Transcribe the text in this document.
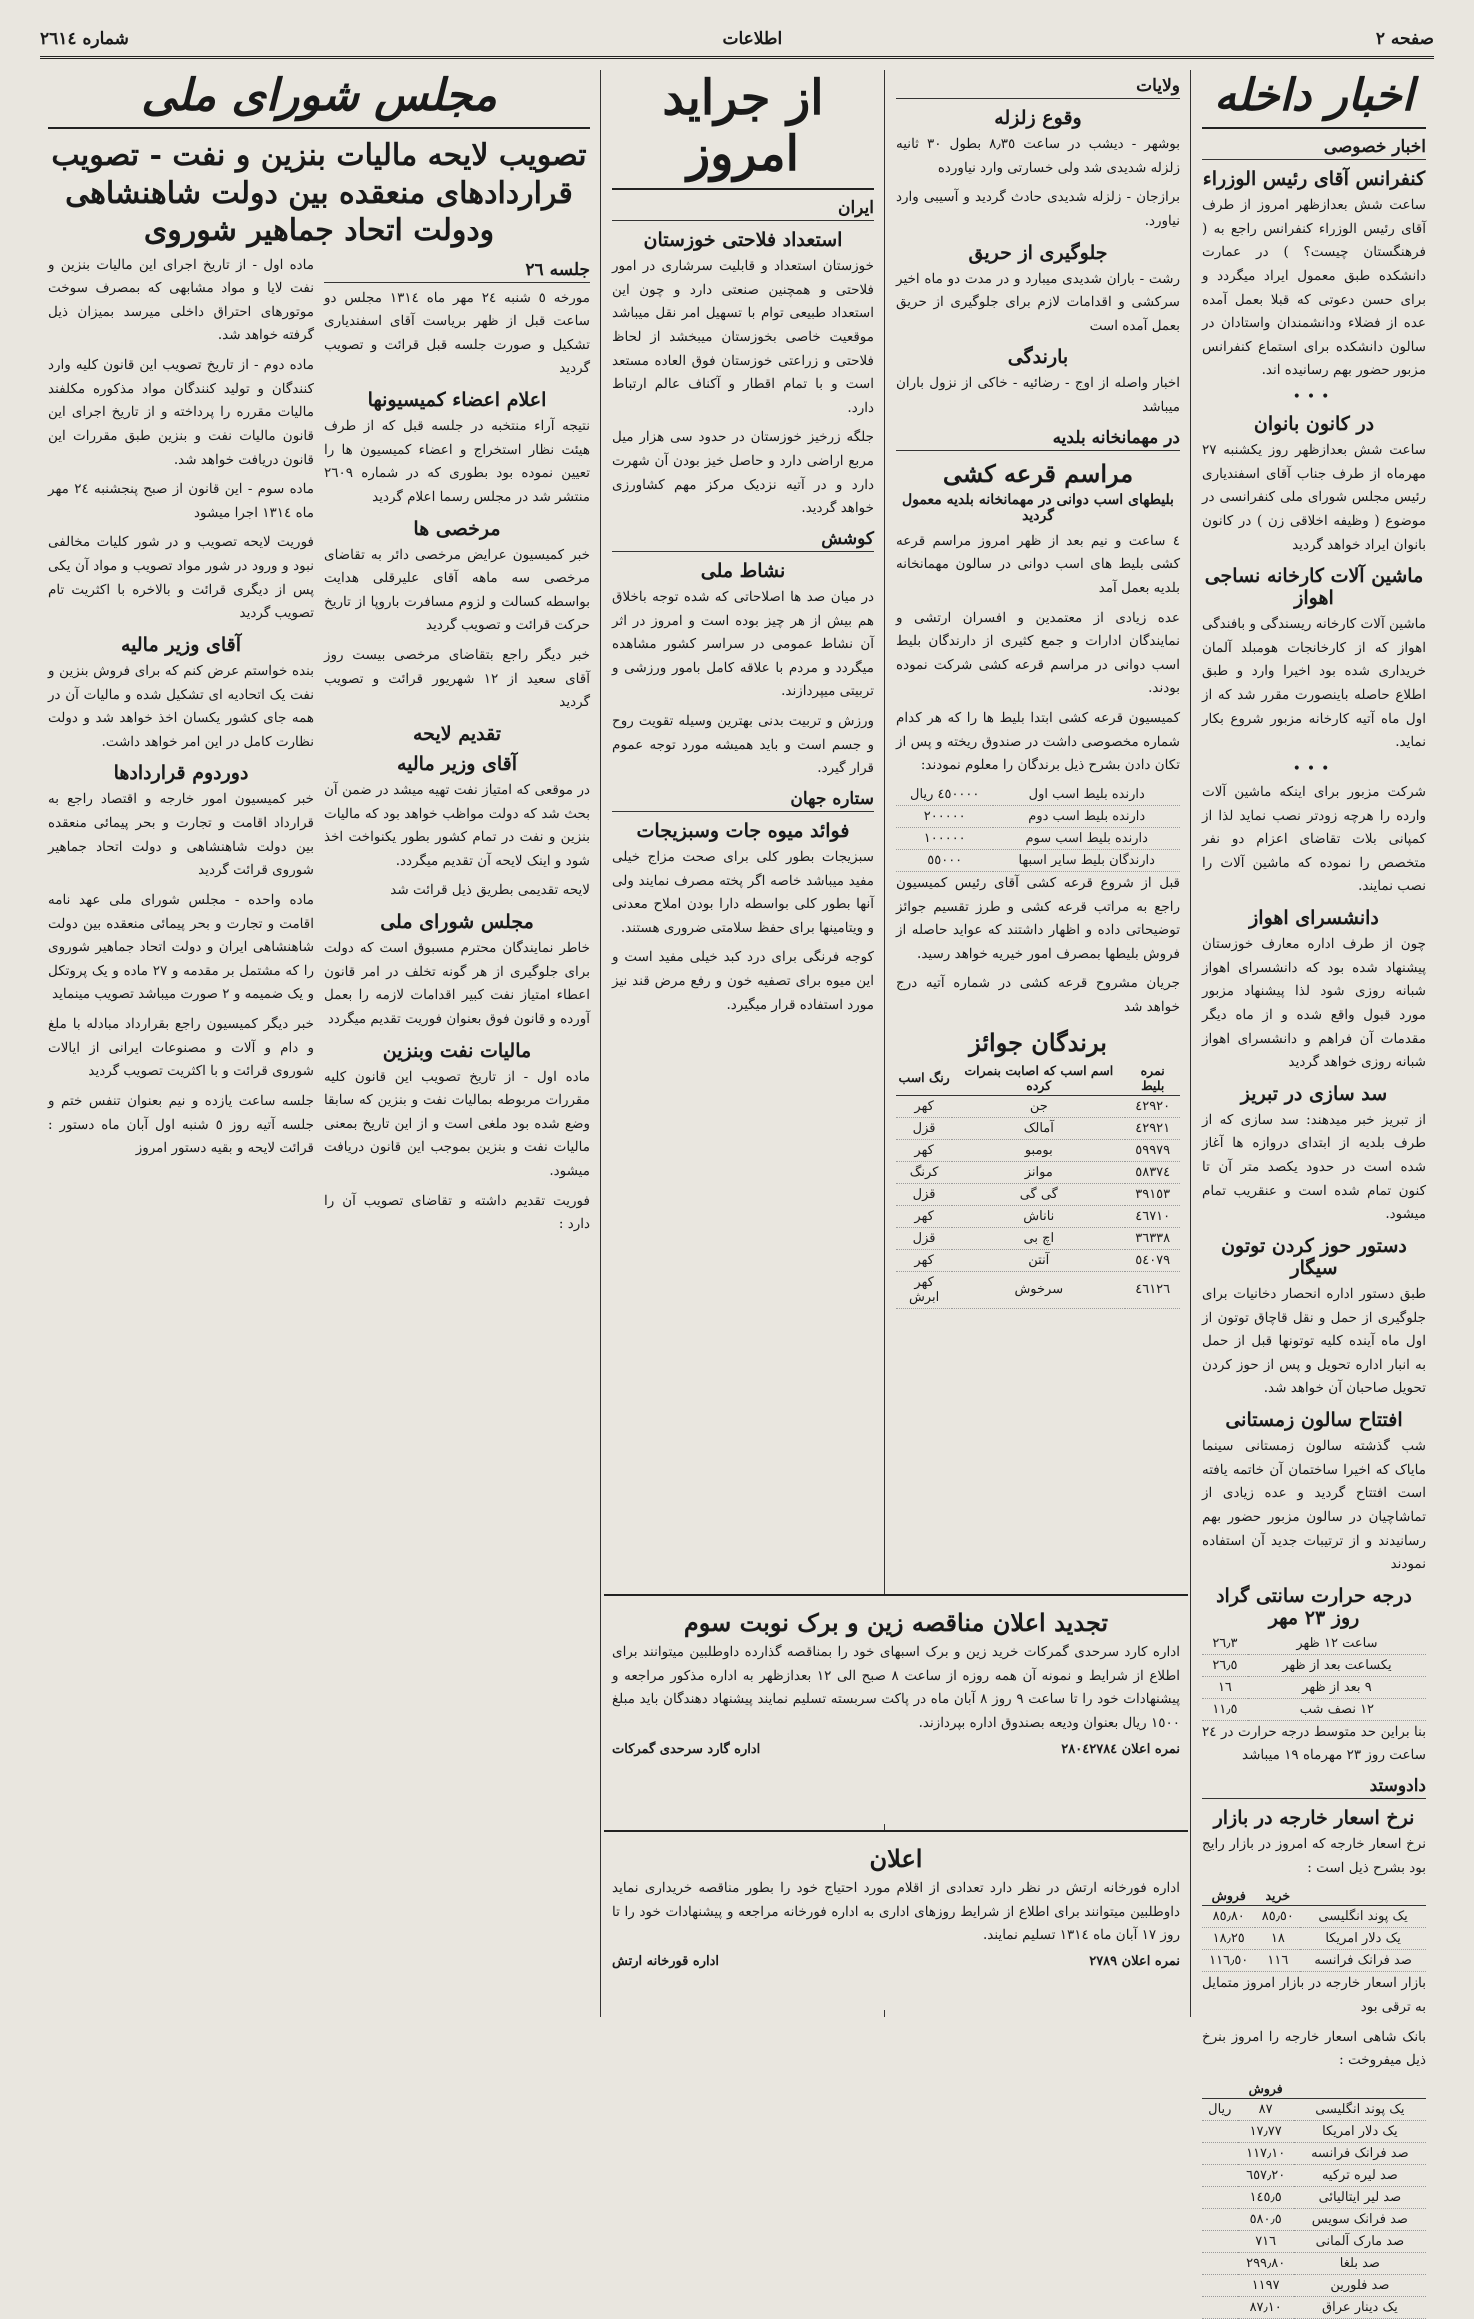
صفحه ٢
اطلاعات
شماره ٢٦١٤
اخبار داخله
اخبار خصوصی
کنفرانس آقای رئیس الوزراء

ساعت شش بعدازظهر امروز از طرف آقای رئیس الوزراء کنفرانس راجع به ( فرهنگستان چیست؟ ) در عمارت دانشکده طبق معمول ایراد میگردد و برای حسن دعوتی که قبلا بعمل آمده عده از فضلاء ودانشمندان واستادان در سالون دانشکده برای استماع کنفرانس مزبور حضور بهم رسانیده اند.

•••
در کانون بانوان

ساعت شش بعدازظهر روز یکشنبه ٢٧ مهرماه از طرف جناب آقای اسفندیاری رئیس مجلس شورای ملی کنفرانسی در موضوع ( وظیفه اخلاقی زن ) در کانون بانوان ایراد خواهد گردید

ماشین آلات کارخانه نساجی اهواز

ماشین آلات کارخانه ریسندگی و بافندگی اهواز که از کارخانجات هومبلد آلمان خریداری شده بود اخیرا وارد و طبق اطلاع حاصله باینصورت مقرر شد که از اول ماه آتیه کارخانه مزبور شروع بکار نماید.

•••

شرکت مزبور برای اینکه ماشین آلات وارده را هرچه زودتر نصب نماید لذا از کمپانی بلات تقاضای اعزام دو نفر متخصص را نموده که ماشین آلات را نصب نمایند.

دانشسرای اهواز

چون از طرف اداره معارف خوزستان پیشنهاد شده بود که دانشسرای اهواز شبانه روزی شود لذا پیشنهاد مزبور مورد قبول واقع شده و از ماه دیگر مقدمات آن فراهم و دانشسرای اهواز شبانه روزی خواهد گردید

سد سازی در تبریز

از تبریز خبر میدهند: سد سازی که از طرف بلدیه از ابتدای دروازه ها آغاز شده است در حدود یکصد متر آن تا کنون تمام شده است و عنقریب تمام میشود.

دستور حوز کردن توتون سیگار

طبق دستور اداره انحصار دخانیات برای جلوگیری از حمل و نقل قاچاق توتون از اول ماه آینده کلیه توتونها قبل از حمل به انبار اداره تحویل و پس از حوز کردن تحویل صاحبان آن خواهد شد.

افتتاح سالون زمستانی

شب گذشته سالون زمستانی سینما مایاک که اخیرا ساختمان آن خاتمه یافته است افتتاح گردید و عده زیادی از تماشاچیان در سالون مزبور حضور بهم رسانیدند و از ترتیبات جدید آن استفاده نمودند

درجه حرارت سانتی گراد روز ٢٣ مهر
ساعت ١٢ ظهر	٢٦٫٣
یکساعت بعد از ظهر	٢٦٫٥
٩ بعد از ظهر	١٦
١٢ نصف شب	١١٫٥

بنا براین حد متوسط درجه حرارت در ٢٤ ساعت روز ٢٣ مهرماه ١٩ میباشد

دادوستد
نرخ اسعار خارجه در بازار

نرخ اسعار خارجه که امروز در بازار رایج بود بشرح ذیل است :

	خرید	فروش
یک پوند انگلیسی	٨٥٫٥٠	٨٥٫٨٠
یک دلار امریکا	١٨	١٨٫٢٥
صد فرانک فرانسه	١١٦	١١٦٫٥٠

بازار اسعار خارجه در بازار امروز متمایل به ترقی بود

بانک شاهی اسعار خارجه را امروز بنرخ ذیل میفروخت :

	فروش	
یک پوند انگلیسی	٨٧	ریال
یک دلار امریکا	١٧٫٧٧	
صد فرانک فرانسه	١١٧٫١٠	
صد لیره ترکیه	٦٥٧٫٢٠	
صد لیر ایتالیائی	١٤٥٫٥	
صد فرانک سویس	٥٨٠٫٥	
صد مارک آلمانی	٧١٦	
صد بلغا	٢٩٩٫٨٠	
صد فلورین	١١٩٧	
یک دینار عراق	٨٧٫١٠	
ولایات
وقوع زلزله

بوشهر - دیشب در ساعت ٨٫٣٥ بطول ٣٠ ثانیه زلزله شدیدی شد ولی خسارتی وارد نیاورده

برازجان - زلزله شدیدی حادث گردید و آسیبی وارد نیاورد.

جلوگیری از حریق

رشت - باران شدیدی میبارد و در مدت دو ماه اخیر سرکشی و اقدامات لازم برای جلوگیری از حریق بعمل آمده است

بارندگی

اخبار واصله از اوج - رضائیه - خاکی از نزول باران میباشد

در مهمانخانه بلدیه
مراسم قرعه کشی
بلیطهای اسب دوانی در مهمانخانه بلدیه معمول گردید

٤ ساعت و نیم بعد از ظهر امروز مراسم قرعه کشی بلیط های اسب دوانی در سالون مهمانخانه بلدیه بعمل آمد

عده زیادی از معتمدین و افسران ارتشی و نمایندگان ادارات و جمع کثیری از دارندگان بلیط اسب دوانی در مراسم قرعه کشی شرکت نموده بودند.

کمیسیون قرعه کشی ابتدا بلیط ها را که هر کدام شماره مخصوصی داشت در صندوق ریخته و پس از تکان دادن بشرح ذیل برندگان را معلوم نمودند:

دارنده بلیط اسب اول	٤٥٠٠٠٠ ریال
دارنده بلیط اسب دوم	٢٠٠٠٠٠
دارنده بلیط اسب سوم	١٠٠٠٠٠
دارندگان بلیط سایر اسبها	٥٥٠٠٠

قبل از شروع قرعه کشی آقای رئیس کمیسیون راجع به مراتب قرعه کشی و طرز تقسیم جوائز توضیحاتی داده و اظهار داشتند که عواید حاصله از فروش بلیطها بمصرف امور خیریه خواهد رسید.

جریان مشروح قرعه کشی در شماره آتیه درج خواهد شد

برندگان جوائز
نمره بلیط	اسم اسب که اصابت بنمرات کرده	رنگ اسب
٤٢٩٢٠	جن	کهر
٤٢٩٢١	آمالک	قزل
٥٩٩٧٩	بومبو	کهر
٥٨٣٧٤	موانز	کرنگ
٣٩١٥٣	گی گی	قزل
٤٦٧١٠	ناناش	کهر
٣٦٣٣٨	اچ بی	قزل
٥٤٠٧٩	آنتن	کهر
٤٦١٢٦	سرخوش	کهر ابرش
از جراید امروز
ایران
استعداد فلاحتی خوزستان

خوزستان استعداد و قابلیت سرشاری در امور فلاحتی و همچنین صنعتی دارد و چون این استعداد طبیعی توام با تسهیل امر نقل میباشد موقعیت خاصی بخوزستان میبخشد از لحاظ فلاحتی و زراعتی خوزستان فوق العاده مستعد است و با تمام اقطار و آکناف عالم ارتباط دارد.

جلگه زرخیز خوزستان در حدود سی هزار میل مربع اراضی دارد و حاصل خیز بودن آن شهرت دارد و در آتیه نزدیک مرکز مهم کشاورزی خواهد گردید.

کوشش
نشاط ملی

در میان صد ها اصلاحاتی که شده توجه باخلاق هم بیش از هر چیز بوده است و امروز در اثر آن نشاط عمومی در سراسر کشور مشاهده میگردد و مردم با علاقه کامل بامور ورزشی و تربیتی میپردازند.

ورزش و تربیت بدنی بهترین وسیله تقویت روح و جسم است و باید همیشه مورد توجه عموم قرار گیرد.

ستاره جهان
فوائد میوه جات وسبزیجات

سبزیجات بطور کلی برای صحت مزاج خیلی مفید میباشد خاصه اگر پخته مصرف نمایند ولی آنها بطور کلی بواسطه دارا بودن املاح معدنی و ویتامینها برای حفظ سلامتی ضروری هستند.

کوجه فرنگی برای درد کبد خیلی مفید است و این میوه برای تصفیه خون و رفع مرض قند نیز مورد استفاده قرار میگیرد.

تجدید اعلان مناقصه زین و برک نوبت سوم

اداره کارد سرحدی گمرکات خرید زین و برک اسبهای خود را بمناقصه گذارده داوطلبین میتوانند برای اطلاع از شرایط و نمونه آن همه روزه از ساعت ٨ صبح الی ١٢ بعدازظهر به اداره مذکور مراجعه و پیشنهادات خود را تا ساعت ٩ روز ٨ آبان ماه در پاکت سربسته تسلیم نمایند پیشنهاد دهندگان باید مبلغ ١٥٠٠ ریال بعنوان ودیعه بصندوق اداره بپردازند.

نمره اعلان ٢٨٠٤٢٧٨٤
اداره گارد سرحدی گمرکات
اعلان

اداره فورخانه ارتش در نظر دارد تعدادی از اقلام مورد احتیاج خود را بطور مناقصه خریداری نماید داوطلبین میتوانند برای اطلاع از شرایط روزهای اداری به اداره فورخانه مراجعه و پیشنهادات خود را تا روز ١٧ آبان ماه ١٣١٤ تسلیم نمایند.

نمره اعلان ٢٧٨٩
اداره قورخانه ارتش
مجلس شورای ملی
تصویب لایحه مالیات بنزین و نفت - تصویب قراردادهای منعقده بین دولت شاهنشاهی ودولت اتحاد جماهیر شوروی
جلسه ٢٦

مورخه ٥ شنبه ٢٤ مهر ماه ١٣١٤ مجلس دو ساعت قبل از ظهر بریاست آقای اسفندیاری تشکیل و صورت جلسه قبل قرائت و تصویب گردید

اعلام اعضاء کمیسیونها

نتیجه آراء منتخبه در جلسه قبل که از طرف هیئت نظار استخراج و اعضاء کمیسیون ها را تعیین نموده بود بطوری که در شماره ٢٦٠٩ منتشر شد در مجلس رسما اعلام گردید

مرخصی ها

خبر کمیسیون عرایض مرخصی دائر به تقاضای مرخصی سه ماهه آقای علیرقلی هدایت بواسطه کسالت و لزوم مسافرت باروپا از تاریخ حرکت قرائت و تصویب گردید

خبر دیگر راجع بتقاضای مرخصی بیست روز آقای سعید از ١٢ شهریور قرائت و تصویب گردید

تقدیم لایحه
آقای وزیر مالیه

در موقعی که امتیاز نفت تهیه میشد در ضمن آن بحث شد که دولت مواظب خواهد بود که مالیات بنزین و نفت در تمام کشور بطور یکنواخت اخذ شود و اینک لایحه آن تقدیم میگردد.

لایحه تقدیمی بطریق ذیل قرائت شد

مجلس شورای ملی

خاطر نمایندگان محترم مسبوق است که دولت برای جلوگیری از هر گونه تخلف در امر قانون اعطاء امتیاز نفت کبیر اقدامات لازمه را بعمل آورده و قانون فوق بعنوان فوریت تقدیم میگردد

مالیات نفت وبنزین

ماده اول - از تاریخ تصویب این قانون کلیه مقررات مربوطه بمالیات نفت و بنزین که سابقا وضع شده بود ملغی است و از این تاریخ بمعنی مالیات نفت و بنزین بموجب این قانون دریافت میشود.

فوریت تقدیم داشته و تقاضای تصویب آن را دارد :

ماده اول - از تاریخ اجرای این مالیات بنزین و نفت لایا و مواد مشابهی که بمصرف سوخت موتورهای احتراق داخلی میرسد بمیزان ذیل گرفته خواهد شد.

ماده دوم - از تاریخ تصویب این قانون کلیه وارد کنندگان و تولید کنندگان مواد مذکوره مکلفند مالیات مقرره را پرداخته و از تاریخ اجرای این قانون مالیات نفت و بنزین طبق مقررات این قانون دریافت خواهد شد.

ماده سوم - این قانون از صبح پنجشنبه ٢٤ مهر ماه ١٣١٤ اجرا میشود

فوریت لایحه تصویب و در شور کلیات مخالفی نبود و ورود در شور مواد تصویب و مواد آن یکی پس از دیگری قرائت و بالاخره با اکثریت تام تصویب گردید

آقای وزیر مالیه

بنده خواستم عرض کنم که برای فروش بنزین و نفت یک اتحادیه ای تشکیل شده و مالیات آن در همه جای کشور یکسان اخذ خواهد شد و دولت نظارت کامل در این امر خواهد داشت.

دوردوم قراردادها

خبر کمیسیون امور خارجه و اقتصاد راجع به قرارداد اقامت و تجارت و بحر پیمائی منعقده بین دولت شاهنشاهی و دولت اتحاد جماهیر شوروی قرائت گردید

ماده واحده - مجلس شورای ملی عهد نامه اقامت و تجارت و بحر پیمائی منعقده بین دولت شاهنشاهی ایران و دولت اتحاد جماهیر شوروی را که مشتمل بر مقدمه و ٢٧ ماده و یک پروتکل و یک ضمیمه و ٢ صورت میباشد تصویب مینماید

خبر دیگر کمیسیون راجع بقرارداد مبادله با ملغ و دام و آلات و مصنوعات ایرانی از ایالات شوروی قرائت و با اکثریت تصویب گردید

جلسه ساعت یازده و نیم بعنوان تنفس ختم و جلسه آتیه روز ٥ شنبه اول آبان ماه دستور : قرائت لایحه و بقیه دستور امروز
